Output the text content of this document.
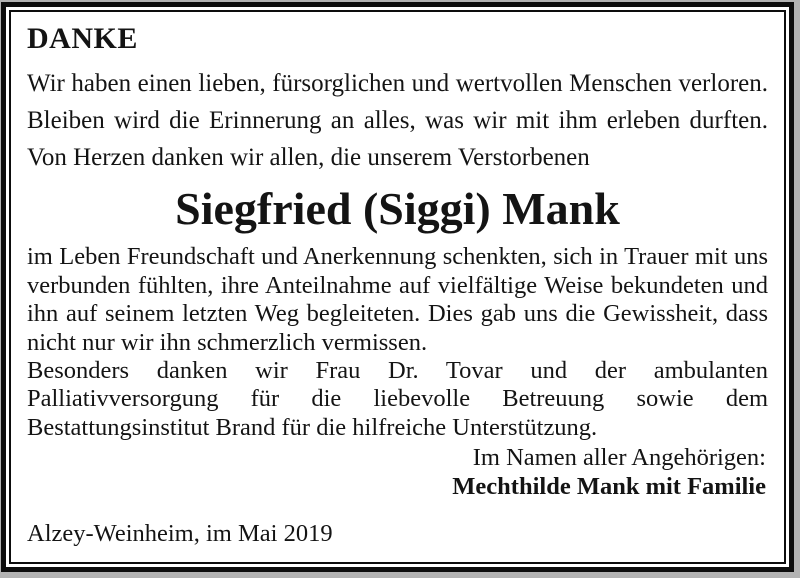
DANKE

Wir haben einen lieben, fürsorglichen und wertvollen Menschen verloren.

Bleiben wird die Erinnerung an alles, was wir mit ihm erleben durften.

Von Herzen danken wir allen, die unserem Verstorbenen

Siegfried (Siggi) Mank

im Leben Freundschaft und Anerkennung schenkten, sich in Trauer mit uns verbunden fühlten, ihre Anteilnahme auf vielfältige Weise bekundeten und ihn auf seinem letzten Weg begleiteten. Dies gab uns die Gewissheit, dass nicht nur wir ihn schmerzlich vermissen.

Besonders danken wir Frau Dr. Tovar und der ambulanten Palliativversorgung für die liebevolle Betreuung sowie dem Bestattungsinstitut Brand für die hilfreiche Unterstützung.

Im Namen aller Angehörigen:
Mechthilde Mank mit Familie
Alzey-Weinheim, im Mai 2019
